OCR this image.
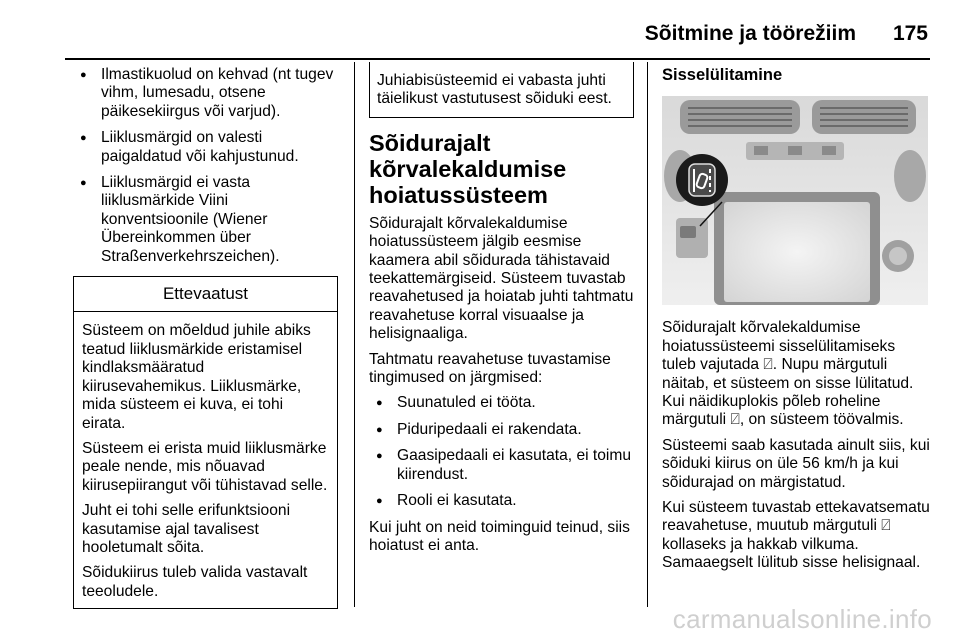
Sõitmine ja töörežiim 175
● Ilmastikuolud on kehvad (nt tugev vihm, lumesadu, otsene päikesekiirgus või varjud).
● Liiklusmärgid on valesti paigaldatud või kahjustunud.
● Liiklusmärgid ei vasta liiklusmärkide Viini konventsioonile (Wiener Übereinkommen über Straßenverkehrszeichen).
Ettevaatust

Süsteem on mõeldud juhile abiks teatud liiklusmärkide eristamisel kindlaksmääratud kiirusevahemikus. Liiklusmärke, mida süsteem ei kuva, ei tohi eirata.

Süsteem ei erista muid liiklusmärke peale nende, mis nõuavad kiirusepiirangut või tühistavad selle.

Juht ei tohi selle erifunktsiooni kasutamise ajal tavalisest hooletumalt sõita.

Sõidukiirus tuleb valida vastavalt teeoludele.

Juhiabisüsteemid ei vabasta juhti täielikust vastutusest sõiduki eest.
Sõidurajalt kõrvalekaldumise hoiatussüsteem

Sõidurajalt kõrvalekaldumise hoiatussüsteem jälgib eesmise kaamera abil sõidurada tähistavaid teekattemärgiseid. Süsteem tuvastab reavahetused ja hoiatab juhti tahtmatu reavahetuse korral visuaalse ja helisignaaliga.

Tahtmatu reavahetuse tuvastamise tingimused on järgmised:

● Suunatuled ei tööta.
● Piduripedaali ei rakendata.
● Gaasipedaali ei kasutata, ei toimu kiirendust.
● Rooli ei kasutata.

Kui juht on neid toiminguid teinud, siis hoiatust ei anta.

Sisselülitamine

Sõidurajalt kõrvalekaldumise hoiatussüsteemi sisselülitamiseks tuleb vajutada ⍁. Nupu märgutuli näitab, et süsteem on sisse lülitatud. Kui näidikuplokis põleb roheline märgutuli ⍁, on süsteem töövalmis.

Süsteemi saab kasutada ainult siis, kui sõiduki kiirus on üle 56 km/h ja kui sõidurajad on märgistatud.

Kui süsteem tuvastab ettekavatsematu reavahetuse, muutub märgutuli ⍁ kollaseks ja hakkab vilkuma. Samaaegselt lülitub sisse helisignaal.

carmanualsonline.info
